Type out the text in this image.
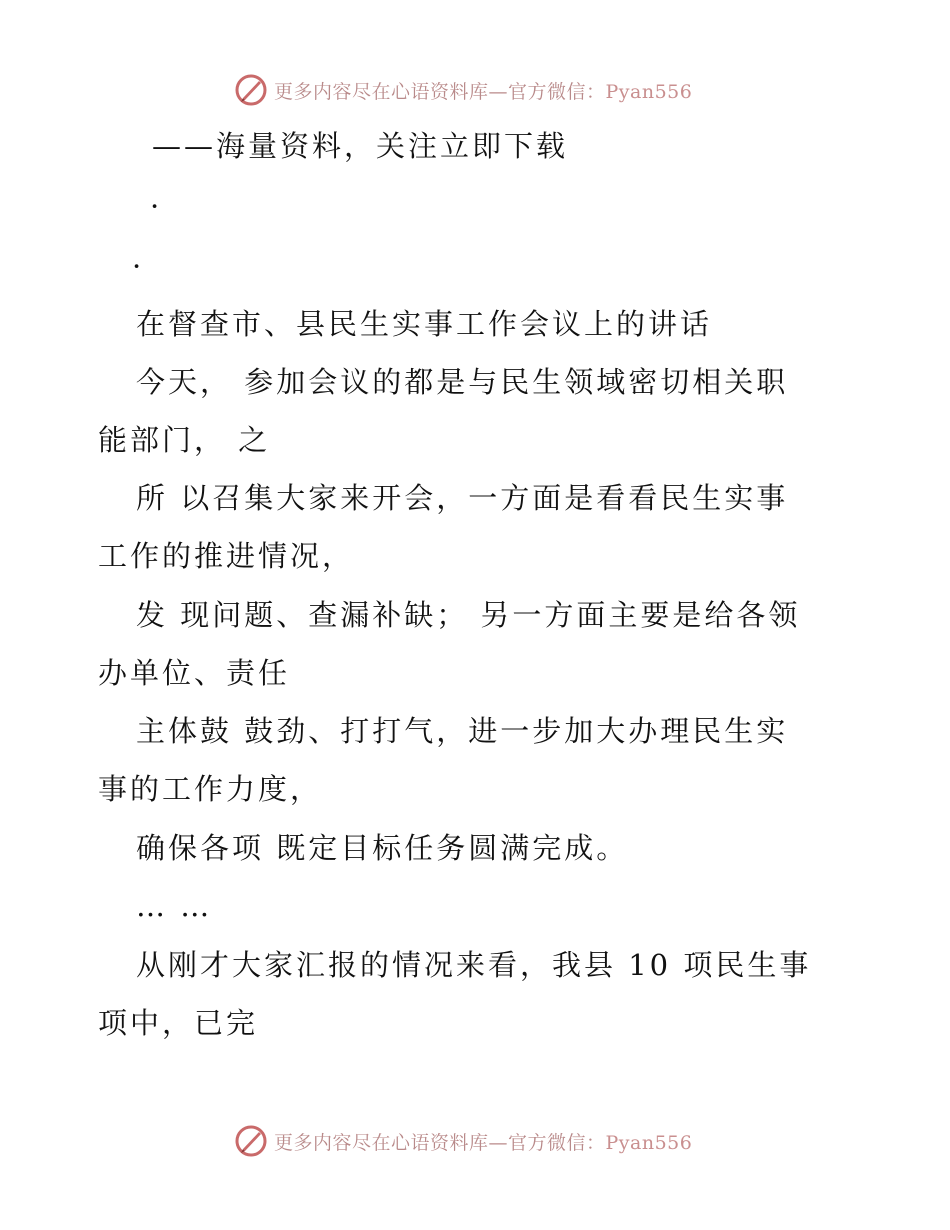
更多内容尽在心语资料库—官方微信：Pyan556
——海量资料，关注立即下载
·
·
在督查市、县民生实事工作会议上的讲话
今天， 参加会议的都是与民生领域密切相关职
能部门， 之
所 以召集大家来开会，一方面是看看民生实事
工作的推进情况，
发 现问题、查漏补缺； 另一方面主要是给各领
办单位、责任
主体鼓 鼓劲、打打气，进一步加大办理民生实
事的工作力度，
确保各项 既定目标任务圆满完成。
… …
从刚才大家汇报的情况来看，我县 10 项民生事
项中，已完
更多内容尽在心语资料库—官方微信：Pyan556
